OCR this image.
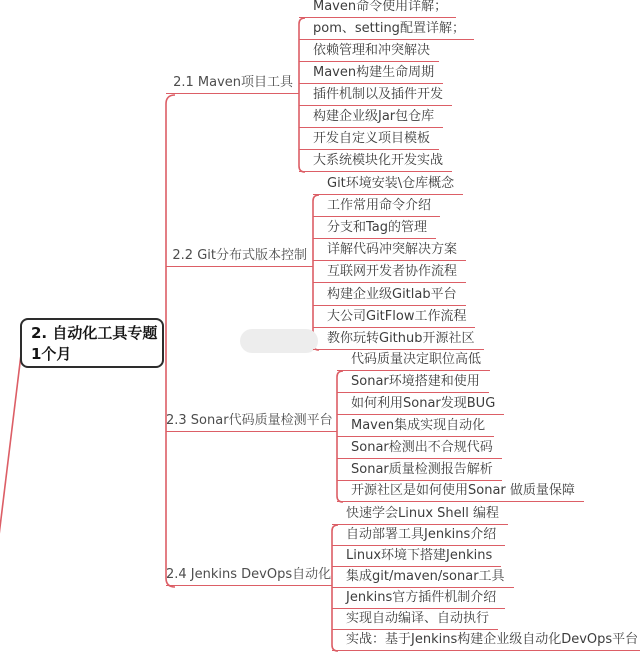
2.1 Maven项目工具
Maven命令使用详解；
pom、setting配置详解；
依赖管理和冲突解决
Maven构建生命周期
插件机制以及插件开发
构建企业级Jar包仓库
开发自定义项目模板
大系统模块化开发实战
2.2 Git分布式版本控制
Git环境安装\仓库概念
工作常用命令介绍
分支和Tag的管理
详解代码冲突解决方案
互联网开发者协作流程
构建企业级Gitlab平台
大公司GitFlow工作流程
教你玩转Github开源社区
2.3 Sonar代码质量检测平台
代码质量决定职位高低
Sonar环境搭建和使用
如何利用Sonar发现BUG
Maven集成实现自动化
Sonar检测出不合规代码
Sonar质量检测报告解析
开源社区是如何使用Sonar 做质量保障
2.4 Jenkins DevOps自动化
快速学会Linux Shell 编程
自动部署工具Jenkins介绍
Linux环境下搭建Jenkins
集成git/maven/sonar工具
Jenkins官方插件机制介绍
实现自动编译、自动执行
实战：基于Jenkins构建企业级自动化DevOps平台
2. 自动化工具专题
1个月
